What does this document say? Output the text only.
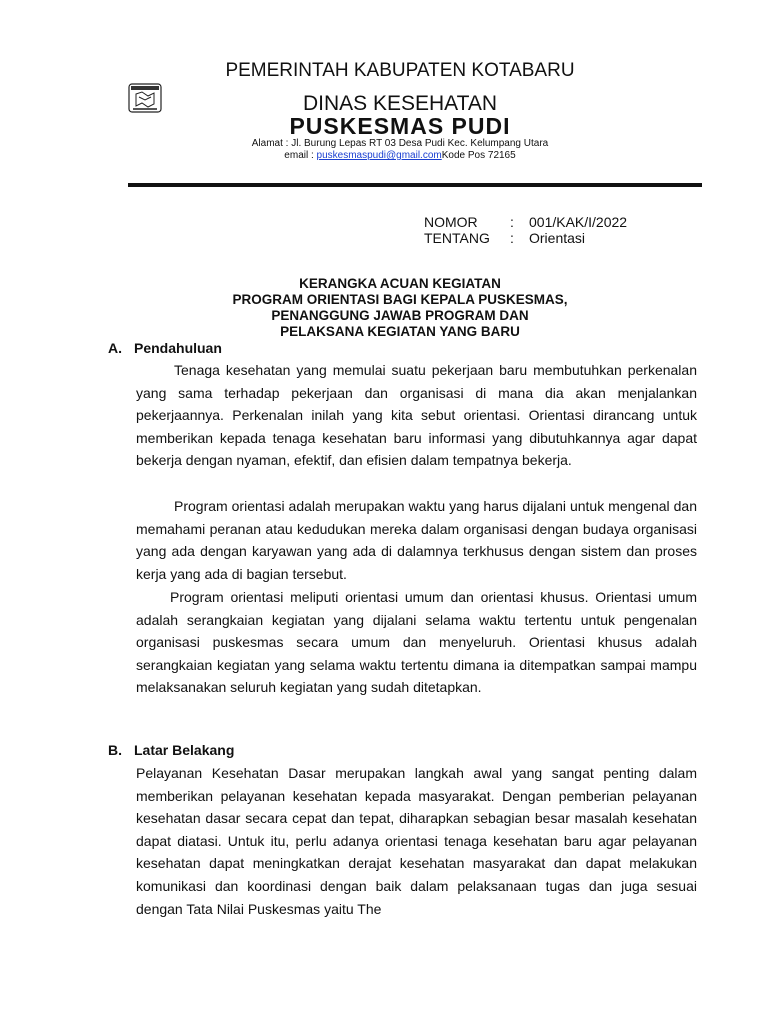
PEMERINTAH KABUPATEN KOTABARU
DINAS KESEHATAN
PUSKESMAS PUDI
Alamat : Jl. Burung Lepas RT 03 Desa Pudi Kec. Kelumpang Utara
email : puskesmaspudi@gmail.comKode Pos 72165
NOMOR	:	001/KAK/I/2022
TENTANG	:	Orientasi
KERANGKA ACUAN KEGIATAN
PROGRAM ORIENTASI BAGI KEPALA PUSKESMAS,
PENANGGUNG JAWAB PROGRAM DAN
PELAKSANA KEGIATAN YANG BARU
A. Pendahuluan

Tenaga kesehatan yang memulai suatu pekerjaan baru membutuhkan perkenalan yang sama terhadap pekerjaan dan organisasi di mana dia akan menjalankan pekerjaannya. Perkenalan inilah yang kita sebut orientasi. Orientasi dirancang untuk memberikan kepada tenaga kesehatan baru informasi yang dibutuhkannya agar dapat bekerja dengan nyaman, efektif, dan efisien dalam tempatnya bekerja.

Program orientasi adalah merupakan waktu yang harus dijalani untuk mengenal dan memahami peranan atau kedudukan mereka dalam organisasi dengan budaya organisasi yang ada dengan karyawan yang ada di dalamnya terkhusus dengan sistem dan proses kerja yang ada di bagian tersebut.

Program orientasi meliputi orientasi umum dan orientasi khusus. Orientasi umum adalah serangkaian kegiatan yang dijalani selama waktu tertentu untuk pengenalan organisasi puskesmas secara umum dan menyeluruh. Orientasi khusus adalah serangkaian kegiatan yang selama waktu tertentu dimana ia ditempatkan sampai mampu melaksanakan seluruh kegiatan yang sudah ditetapkan.

B. Latar Belakang

Pelayanan Kesehatan Dasar merupakan langkah awal yang sangat penting dalam memberikan pelayanan kesehatan kepada masyarakat. Dengan pemberian pelayanan kesehatan dasar secara cepat dan tepat, diharapkan sebagian besar masalah kesehatan dapat diatasi. Untuk itu, perlu adanya orientasi tenaga kesehatan baru agar pelayanan kesehatan dapat meningkatkan derajat kesehatan masyarakat dan dapat melakukan komunikasi dan koordinasi dengan baik dalam pelaksanaan tugas dan juga sesuai dengan Tata Nilai Puskesmas yaitu The
